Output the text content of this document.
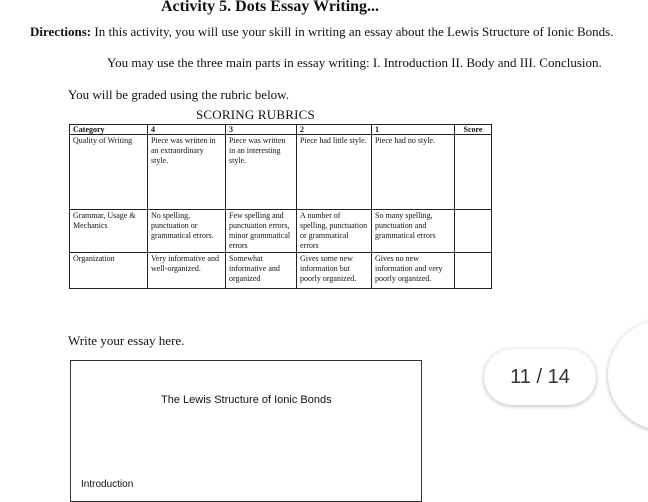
Activity 5. Dots Essay Writing...
Directions: In this activity, you will use your skill in writing an essay about the Lewis Structure of Ionic Bonds.
You may use the three main parts in essay writing: I. Introduction II. Body and III. Conclusion.
You will be graded using the rubric below.
SCORING RUBRICS
Category	4	3	2	1	Score
Quality of Writing	Piece was written in an extraordinary style.	Piece was written in an interesting style.	Piece had little style.	Piece had no style.	
Grammar, Usage & Mechanics	No spelling, punctuation or grammatical errors.	Few spelling and punctuation errors, minor grammatical errors	A number of spelling, punctuation or grammatical errors	So many spelling, punctuation and grammatical errors	
Organization	Very informative and well-organized.	Somewhat informative and organized	Gives some new information but poorly organized.	Gives no new information and very poorly organized.	
Write your essay here.
The Lewis Structure of Ionic Bonds
Introduction
11 / 14
